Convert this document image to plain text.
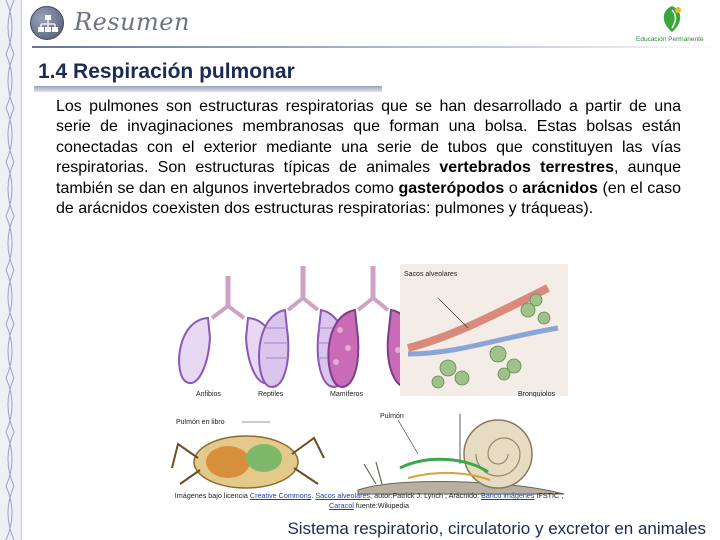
Resumen
Educación Permanente
1.4 Respiración pulmonar
Los pulmones son estructuras respiratorias que se han desarrollado a partir de una serie de invaginaciones membranosas que forman una bolsa. Estas bolsas están conectadas con el exterior mediante una serie de tubos que constituyen las vías respiratorias. Son estructuras típicas de animales vertebrados terrestres, aunque también se dan en algunos invertebrados como gasterópodos o arácnidos (en el caso de arácnidos coexisten dos estructuras respiratorias: pulmones y tráqueas).
Anfibios	Reptiles	Mamíferos
Sacos alveolares
Bronquiolos
Pulmón en libro
Pulmón
Imágenes bajo licencia Creative Commons. Sacos alveolares, autor:Patrick J. Lynch ; Arácnido: Banco imágenes IFSTIC ; Caracol fuente:Wikipedia
Sistema respiratorio, circulatorio y excretor en animales
